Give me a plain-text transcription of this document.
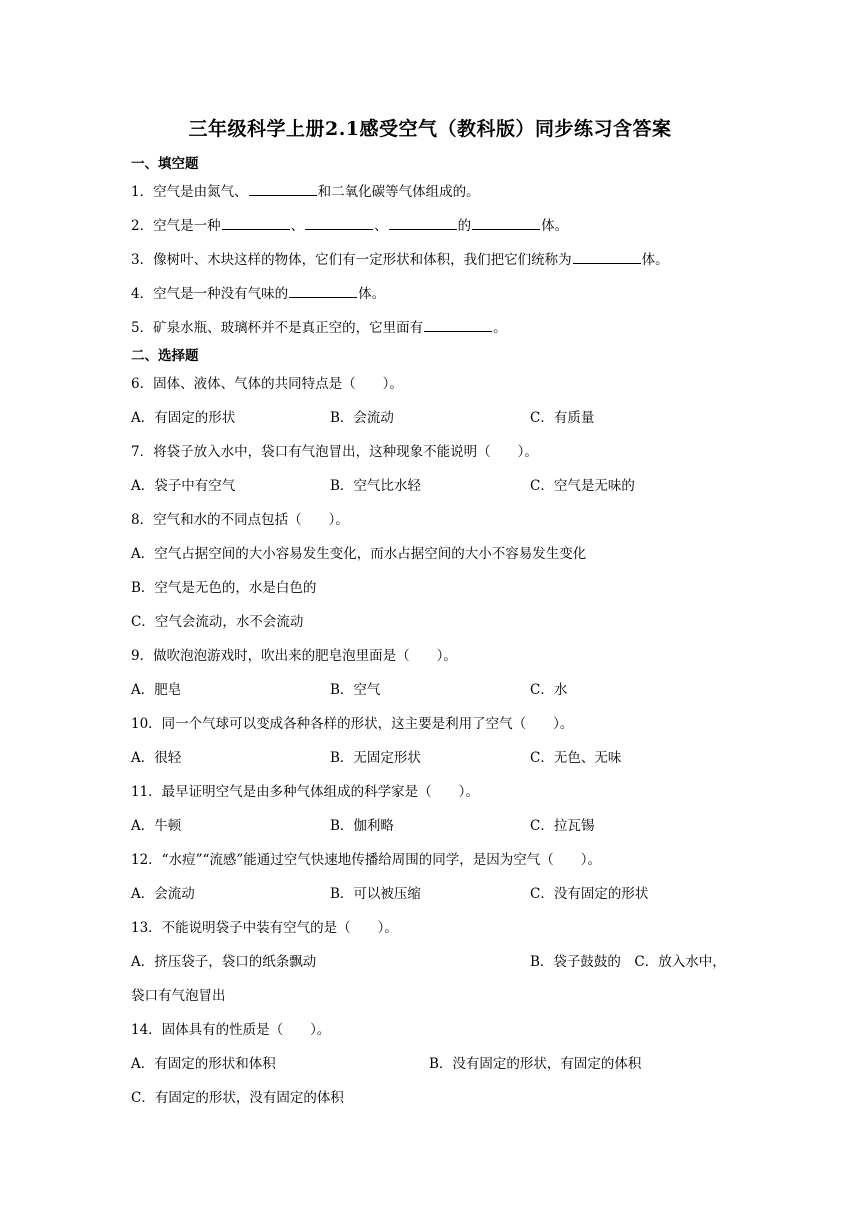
三年级科学上册2.1感受空气（教科版）同步练习含答案
一、填空题
1．空气是由氮气、	和二氧化碳等气体组成的。
2．空气是一种	、	、	的	体。
3．像树叶、木块这样的物体，它们有一定形状和体积，我们把它们统称为	体。
4．空气是一种没有气味的	体。
5．矿泉水瓶、玻璃杯并不是真正空的，它里面有	。
二、选择题
6．固体、液体、气体的共同特点是（　　）。
A．有固定的形状	B．会流动	C．有质量
7．将袋子放入水中，袋口有气泡冒出，这种现象不能说明（　　）。
A．袋子中有空气	B．空气比水轻	C．空气是无味的
8．空气和水的不同点包括（　　）。
A．空气占据空间的大小容易发生变化，而水占据空间的大小不容易发生变化
B．空气是无色的，水是白色的
C．空气会流动，水不会流动
9．做吹泡泡游戏时，吹出来的肥皂泡里面是（　　）。
A．肥皂	B．空气	C．水
10．同一个气球可以变成各种各样的形状，这主要是利用了空气（　　）。
A．很轻	B．无固定形状	C．无色、无味
11．最早证明空气是由多种气体组成的科学家是（　　）。
A．牛顿	B．伽利略	C．拉瓦锡
12．“水痘”“流感”能通过空气快速地传播给周围的同学，是因为空气（　　）。
A．会流动	B．可以被压缩	C．没有固定的形状
13．不能说明袋子中装有空气的是（　　）。
A．挤压袋子，袋口的纸条飘动	B．袋子鼓鼓的　C．放入水中，
袋口有气泡冒出
14．固体具有的性质是（　　）。
A．有固定的形状和体积	B．没有固定的形状，有固定的体积
C．有固定的形状，没有固定的体积
